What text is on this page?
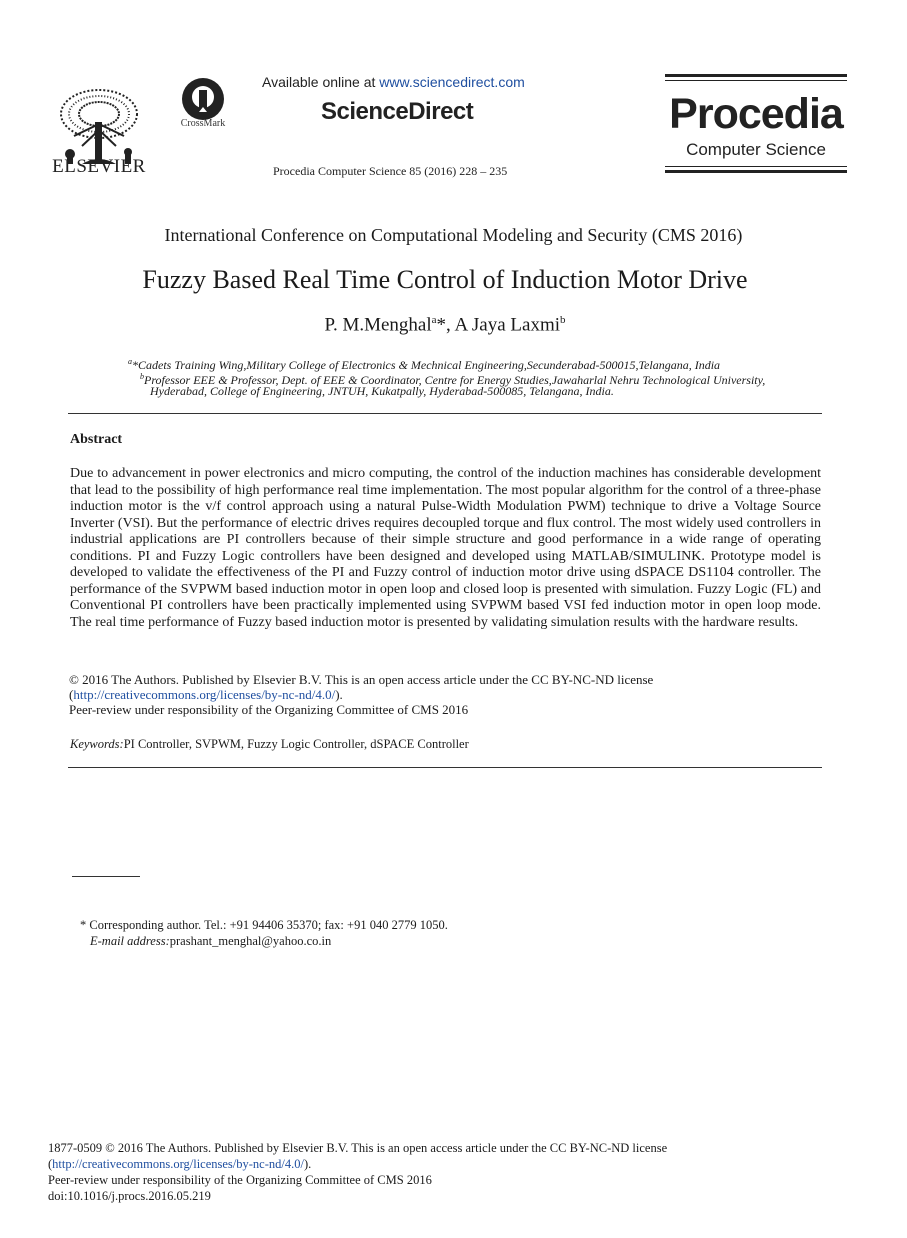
ELSEVIER
CrossMark
Available online at www.sciencedirect.com
ScienceDirect
Procedia Computer Science 85 (2016) 228 – 235
Procedia
Computer Science
International Conference on Computational Modeling and Security (CMS 2016)
Fuzzy Based Real Time Control of Induction Motor Drive
P. M.Menghal$^a$*, A Jaya Laxmi$^b$
$^a$*Cadets Training Wing,Military College of Electronics & Mechnical Engineering,Secunderabad-500015,Telangana, India
$^b$Professor EEE & Professor, Dept. of EEE & Coordinator, Centre for Energy Studies,Jawaharlal Nehru Technological University,
Hyderabad, College of Engineering, JNTUH, Kukatpally, Hyderabad-500085, Telangana, India.
Abstract
Due to advancement in power electronics and micro computing, the control of the induction machines has considerable development that lead to the possibility of high performance real time implementation. The most popular algorithm for the control of a three-phase induction motor is the v/f control approach using a natural Pulse-Width Modulation PWM) technique to drive a Voltage Source Inverter (VSI). But the performance of electric drives requires decoupled torque and flux control. The most widely used controllers in industrial applications are PI controllers because of their simple structure and good performance in a wide range of operating conditions. PI and Fuzzy Logic controllers have been designed and developed using MATLAB/SIMULINK. Prototype model is developed to validate the effectiveness of the PI and Fuzzy control of induction motor drive using dSPACE DS1104 controller. The performance of the SVPWM based induction motor in open loop and closed loop is presented with simulation. Fuzzy Logic (FL) and Conventional PI controllers have been practically implemented using SVPWM based VSI fed induction motor in open loop mode. The real time performance of Fuzzy based induction motor is presented by validating simulation results with the hardware results.
© 2016 The Authors. Published by Elsevier B.V. This is an open access article under the CC BY-NC-ND license
(http://creativecommons.org/licenses/by-nc-nd/4.0/).
Peer-review under responsibility of the Organizing Committee of CMS 2016
Keywords:PI Controller, SVPWM, Fuzzy Logic Controller, dSPACE Controller
* Corresponding author. Tel.: +91 94406 35370; fax: +91 040 2779 1050.
E-mail address:prashant_menghal@yahoo.co.in
1877-0509 © 2016 The Authors. Published by Elsevier B.V. This is an open access article under the CC BY-NC-ND license
(http://creativecommons.org/licenses/by-nc-nd/4.0/).
Peer-review under responsibility of the Organizing Committee of CMS 2016
doi:10.1016/j.procs.2016.05.219
